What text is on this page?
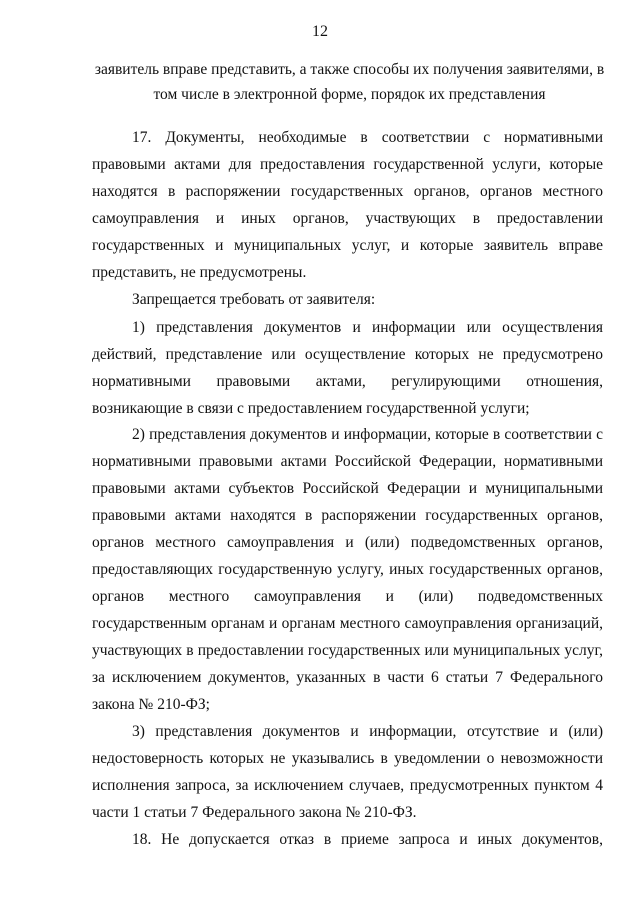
12
заявитель вправе представить, а также способы их получения заявителями, в
том числе в электронной форме, порядок их представления
17. Документы, необходимые в соответствии с нормативными
правовыми актами для предоставления государственной услуги, которые
находятся в распоряжении государственных органов, органов местного
самоуправления и иных органов, участвующих в предоставлении
государственных и муниципальных услуг, и которые заявитель вправе
представить, не предусмотрены.
Запрещается требовать от заявителя:
1) представления документов и информации или осуществления
действий, представление или осуществление которых не предусмотрено
нормативными правовыми актами, регулирующими отношения,
возникающие в связи с предоставлением государственной услуги;
2) представления документов и информации, которые в соответствии с
нормативными правовыми актами Российской Федерации, нормативными
правовыми актами субъектов Российской Федерации и муниципальными
правовыми актами находятся в распоряжении государственных органов,
органов местного самоуправления и (или) подведомственных органов,
предоставляющих государственную услугу, иных государственных органов,
органов местного самоуправления и (или) подведомственных
государственным органам и органам местного самоуправления организаций,
участвующих в предоставлении государственных или муниципальных услуг,
за исключением документов, указанных в части 6 статьи 7 Федерального
закона № 210-ФЗ;
3) представления документов и информации, отсутствие и (или)
недостоверность которых не указывались в уведомлении о невозможности
исполнения запроса, за исключением случаев, предусмотренных пунктом 4
части 1 статьи 7 Федерального закона № 210-ФЗ.
18. Не допускается отказ в приеме запроса и иных документов,
